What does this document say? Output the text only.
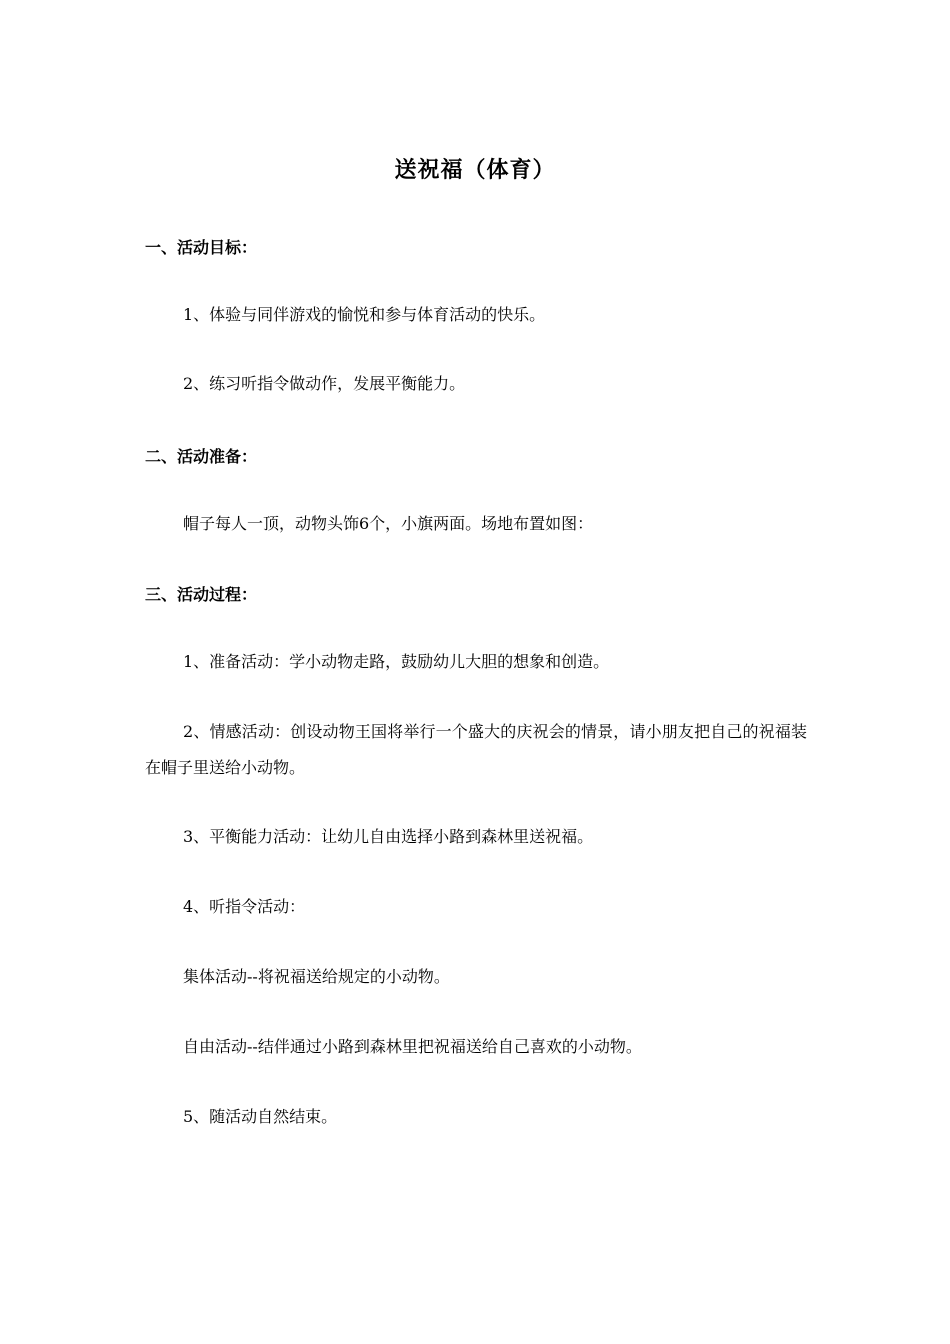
送祝福（体育）
一、活动目标：
1、体验与同伴游戏的愉悦和参与体育活动的快乐。
2、练习听指令做动作，发展平衡能力。
二、活动准备：
帽子每人一顶，动物头饰6个，小旗两面。场地布置如图：
三、活动过程：
1、准备活动：学小动物走路，鼓励幼儿大胆的想象和创造。
2、情感活动：创设动物王国将举行一个盛大的庆祝会的情景，请小朋友把自己的祝福装在帽子里送给小动物。
3、平衡能力活动：让幼儿自由选择小路到森林里送祝福。
4、听指令活动：
集体活动--将祝福送给规定的小动物。
自由活动--结伴通过小路到森林里把祝福送给自己喜欢的小动物。
5、随活动自然结束。
